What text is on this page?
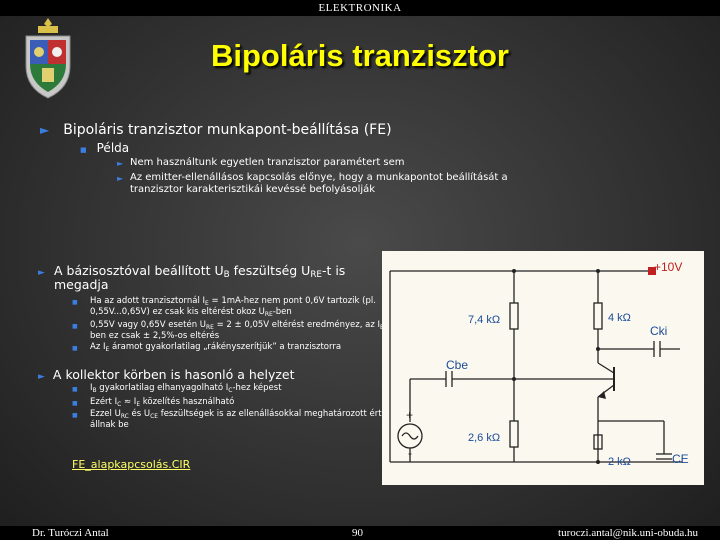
ELEKTRONIKA
Bipoláris tranzisztor
► Bipoláris tranzisztor munkapont-beállítása (FE)
■ Példa
► Nem használtunk egyetlen tranzisztor paramétert sem
► Az emitter-ellenállásos kapcsolás előnye, hogy a munkapontot beállítását a tranzisztor karakterisztikái kevéssé befolyásolják
► A bázisosztóval beállított $U_B$ feszültség $U_{RE}-t$ is megadja
■	Ha az adott tranzisztornál $I_E = 1mA-hez$ nem pont 0,6V tartozik (pl. 0,55V...0,65V) ez csak kis eltérést okoz $U_{RE}$-ben
■	0,55V vagy 0,65V esetén $U_{RE} = 2 \pm 0,05V$ eltérést eredményez, az $I_E$-ben ez csak ± 2,5%-os eltérés
■	Az $I_E$ áramot gyakorlatilag „rákényszerítjük” a tranzisztorra
► A kollektor körben is hasonló a helyzet
■	$I_B$ gyakorlatilag elhanyagolható $I_C$-hez képest
■	Ezért $I_C \approx I_E$ közelítés használható
■	Ezzel $U_{RC}$ és $U_{CE}$ feszültségek is az ellenállásokkal meghatározott értékre állnak be
FE_alapkapcsolás.CIR
+10V
7,4 kΩ	4 kΩ
2,6 kΩ
2 kΩ
Cbe
Cki
CE
+
-
Dr. Turóczi Antal	90	turoczi.antal@nik.uni-obuda.hu
